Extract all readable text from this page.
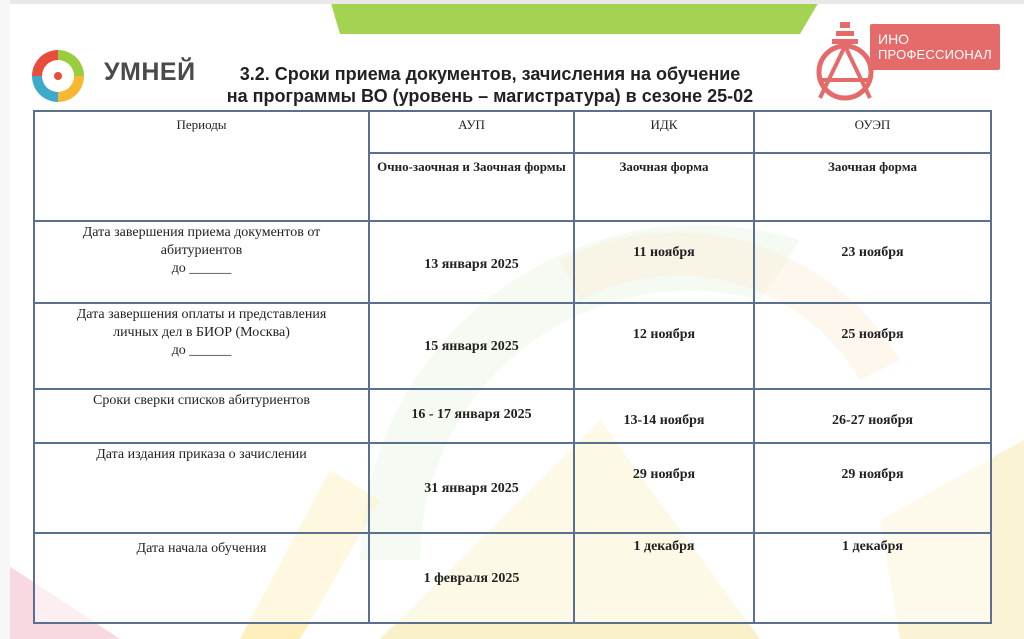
УМНЕЙ
ИНО
ПРОФЕССИОНАЛ
3.2. Сроки приема документов, зачисления на обучение
на программы ВО (уровень – магистратура) в сезоне 25-02
Периоды	АУП	ИДК	ОУЭП
	Очно-заочная и Заочная формы	Заочная форма	Заочная форма

Дата завершения приема документов от
абитуриентов
до ______	13 января 2025	11 ноября	23 ноября

Дата завершения оплаты и представления
личных дел в БИОР (Москва)
до ______	15 января 2025	12 ноября	25 ноября

Сроки сверки списков абитуриентов	16 - 17 января 2025	13-14 ноября	26-27 ноября

Дата издания приказа о зачислении	31 января 2025	29 ноября	29 ноября

Дата начала обучения	1 февраля 2025	1 декабря	1 декабря
